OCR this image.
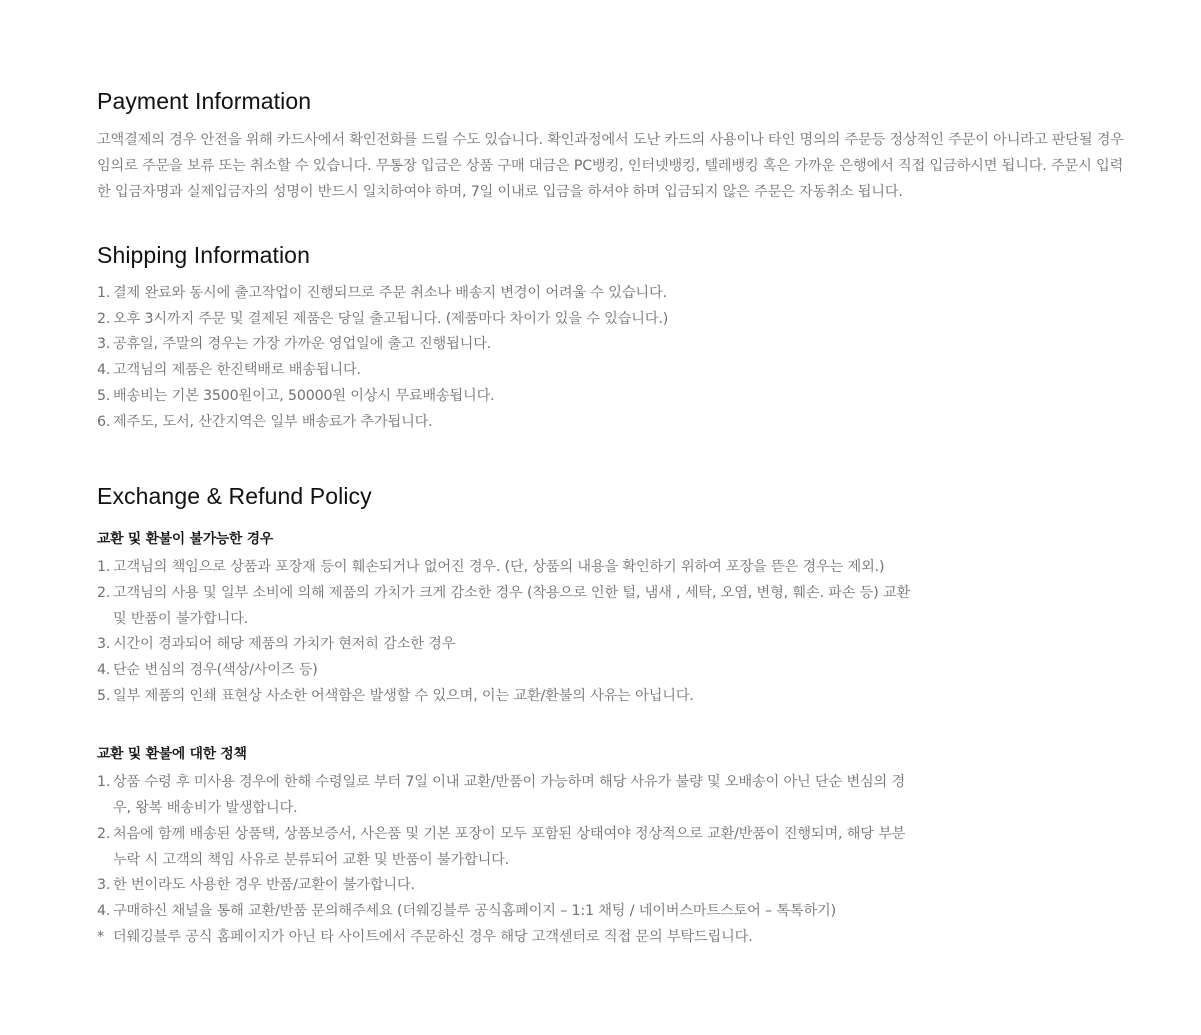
Payment Information

고액결제의 경우 안전을 위해 카드사에서 확인전화를 드릴 수도 있습니다. 확인과정에서 도난 카드의 사용이나 타인 명의의 주문등 정상적인 주문이 아니라고 판단될 경우 임의로 주문을 보류 또는 취소할 수 있습니다. 무통장 입금은 상품 구매 대금은 PC뱅킹, 인터넷뱅킹, 텔레뱅킹 혹은 가까운 은행에서 직접 입금하시면 됩니다. 주문시 입력한 입금자명과 실제입금자의 성명이 반드시 일치하여야 하며, 7일 이내로 입금을 하셔야 하며 입금되지 않은 주문은 자동취소 됩니다.

Shipping Information
1. 결제 완료와 동시에 출고작업이 진행되므로 주문 취소나 배송지 변경이 어려울 수 있습니다.
2. 오후 3시까지 주문 및 결제된 제품은 당일 출고됩니다. (제품마다 차이가 있을 수 있습니다.)
3. 공휴일, 주말의 경우는 가장 가까운 영업일에 출고 진행됩니다.
4. 고객님의 제품은 한진택배로 배송됩니다.
5. 배송비는 기본 3500원이고, 50000원 이상시 무료배송됩니다.
6. 제주도, 도서, 산간지역은 일부 배송료가 추가됩니다.
Exchange & Refund Policy
교환 및 환불이 불가능한 경우
1. 고객님의 책임으로 상품과 포장재 등이 훼손되거나 없어진 경우. (단, 상품의 내용을 확인하기 위하여 포장을 뜯은 경우는 제외.)
2. 고객님의 사용 및 일부 소비에 의해 제품의 가치가 크게 감소한 경우 (착용으로 인한 털, 냄새 , 세탁, 오염, 변형, 훼손. 파손 등) 교환 및 반품이 불가합니다.
3. 시간이 경과되어 해당 제품의 가치가 현저히 감소한 경우
4. 단순 변심의 경우(색상/사이즈 등)
5. 일부 제품의 인쇄 표현상 사소한 어색함은 발생할 수 있으며, 이는 교환/환불의 사유는 아닙니다.
교환 및 환불에 대한 정책
1. 상품 수령 후 미사용 경우에 한해 수령일로 부터 7일 이내 교환/반품이 가능하며 해당 사유가 불량 및 오배송이 아닌 단순 변심의 경우, 왕복 배송비가 발생합니다.
2. 처음에 함께 배송된 상품택, 상품보증서, 사은품 및 기본 포장이 모두 포함된 상태여야 정상적으로 교환/반품이 진행되며, 해당 부분 누락 시 고객의 책임 사유로 분류되어 교환 및 반품이 불가합니다.
3. 한 번이라도 사용한 경우 반품/교환이 불가합니다.
4. 구매하신 채널을 통해 교환/반품 문의해주세요 (더웨깅블루 공식홈페이지 – 1:1 채팅 / 네이버스마트스토어 – 톡톡하기)
* 더웨깅블루 공식 홈페이지가 아닌 타 사이트에서 주문하신 경우 해당 고객센터로 직접 문의 부탁드립니다.
